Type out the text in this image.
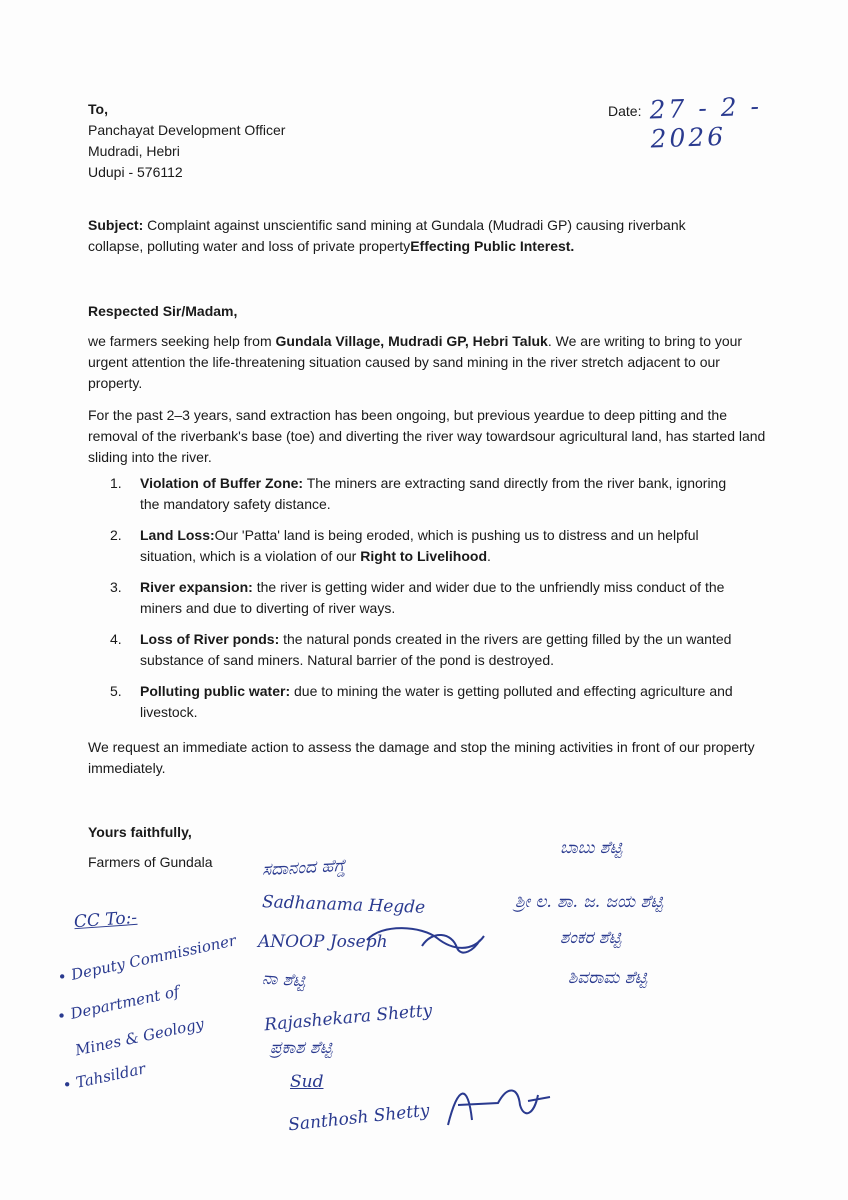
Date: 27 - 2 - 2026
To,
Panchayat Development Officer
Mudradi, Hebri
Udupi - 576112
Subject: Complaint against unscientific sand mining at Gundala (Mudradi GP) causing riverbank collapse, polluting water and loss of private propertyEffecting Public Interest.
Respected Sir/Madam,
we farmers seeking help from Gundala Village, Mudradi GP, Hebri Taluk. We are writing to bring to your urgent attention the life-threatening situation caused by sand mining in the river stretch adjacent to our property.
For the past 2–3 years, sand extraction has been ongoing, but previous yeardue to deep pitting and the removal of the riverbank's base (toe) and diverting the river way towardsour agricultural land, has started land sliding into the river.
1. Violation of Buffer Zone: The miners are extracting sand directly from the river bank, ignoring the mandatory safety distance.
2. Land Loss:Our 'Patta' land is being eroded, which is pushing us to distress and un helpful situation, which is a violation of our Right to Livelihood.
3. River expansion: the river is getting wider and wider due to the unfriendly miss conduct of the miners and due to diverting of river ways.
4. Loss of River ponds: the natural ponds created in the rivers are getting filled by the un wanted substance of sand miners. Natural barrier of the pond is destroyed.
5. Polluting public water: due to mining the water is getting polluted and effecting agriculture and livestock.
We request an immediate action to assess the damage and stop the mining activities in front of our property immediately.
Yours faithfully,
Farmers of Gundala
CC To:-
• Deputy Commissioner
• Department of
Mines & Geology
• Tahsildar
ಸದಾನಂದ ಹೆಗ್ಡೆ
Sadhanama Hegde
ANOOP Joseph
ನಾ ಶೆಟ್ಟಿ
Rajashekara Shetty
ಪ್ರಕಾಶ ಶೆಟ್ಟಿ
Sud
Santhosh Shetty
ಬಾಬು ಶೆಟ್ಟಿ
ಶ್ರೀ ಲ. ಶಾ. ಜ. ಜಯ ಶೆಟ್ಟಿ
ಶಂಕರ ಶೆಟ್ಟಿ
ಶಿವರಾಮ ಶೆಟ್ಟಿ
